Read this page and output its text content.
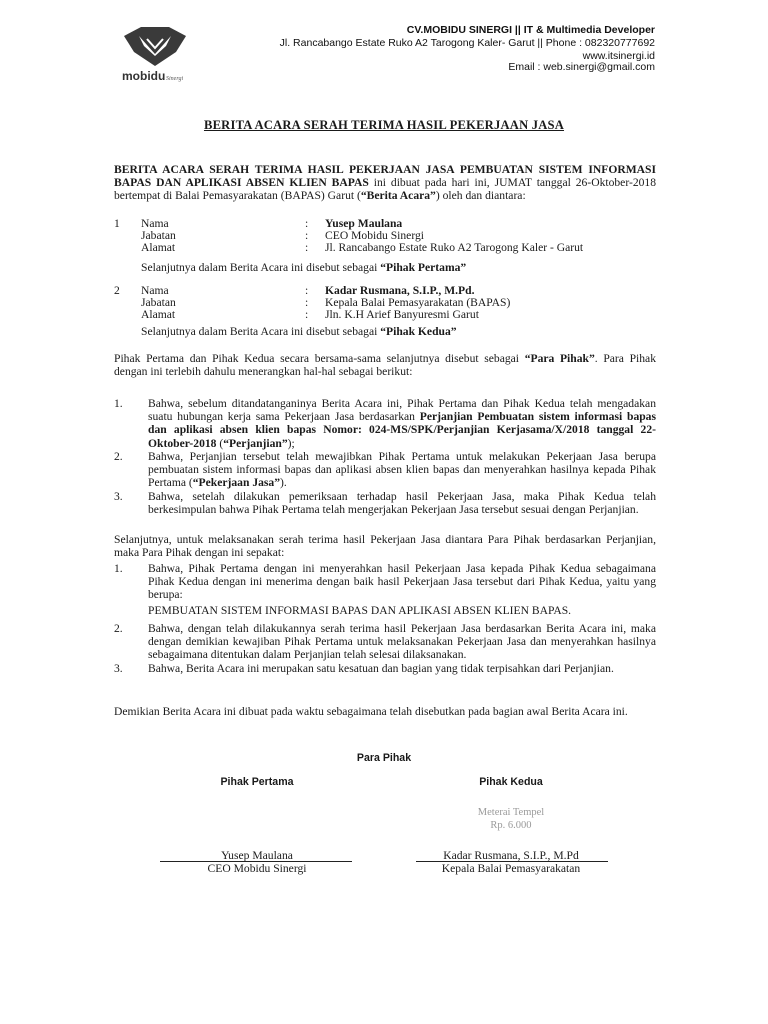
mobidu Sinergi
CV.MOBIDU SINERGI || IT & Multimedia Developer
Jl. Rancabango Estate Ruko A2 Tarogong Kaler- Garut || Phone : 082320777692
www.itsinergi.id
Email : web.sinergi@gmail.com
BERITA ACARA SERAH TERIMA HASIL PEKERJAAN JASA
BERITA ACARA SERAH TERIMA HASIL PEKERJAAN JASA PEMBUATAN SISTEM INFORMASI BAPAS DAN APLIKASI ABSEN KLIEN BAPAS ini dibuat pada hari ini, JUMAT tanggal 26-Oktober-2018 bertempat di Balai Pemasyarakatan (BAPAS) Garut (“Berita Acara”) oleh dan diantara:
1 Nama
Jabatan
Alamat
:
:
:
Yusep Maulana
CEO Mobidu Sinergi
Jl. Rancabango Estate Ruko A2 Tarogong Kaler - Garut
Selanjutnya dalam Berita Acara ini disebut sebagai “Pihak Pertama”
2 Nama
Jabatan
Alamat
:
:
:
Kadar Rusmana, S.I.P., M.Pd.
Kepala Balai Pemasyarakatan (BAPAS)
Jln. K.H Arief Banyuresmi Garut
Selanjutnya dalam Berita Acara ini disebut sebagai “Pihak Kedua”
Pihak Pertama dan Pihak Kedua secara bersama-sama selanjutnya disebut sebagai “Para Pihak”. Para Pihak dengan ini terlebih dahulu menerangkan hal-hal sebagai berikut:
1. Bahwa, sebelum ditandatanganinya Berita Acara ini, Pihak Pertama dan Pihak Kedua telah mengadakan suatu hubungan kerja sama Pekerjaan Jasa berdasarkan Perjanjian Pembuatan sistem informasi bapas dan aplikasi absen klien bapas Nomor: 024-MS/SPK/Perjanjian Kerjasama/X/2018 tanggal 22-Oktober-2018 (“Perjanjian”);
2. Bahwa, Perjanjian tersebut telah mewajibkan Pihak Pertama untuk melakukan Pekerjaan Jasa berupa pembuatan sistem informasi bapas dan aplikasi absen klien bapas dan menyerahkan hasilnya kepada Pihak Pertama (“Pekerjaan Jasa”).
3. Bahwa, setelah dilakukan pemeriksaan terhadap hasil Pekerjaan Jasa, maka Pihak Kedua telah berkesimpulan bahwa Pihak Pertama telah mengerjakan Pekerjaan Jasa tersebut sesuai dengan Perjanjian.
Selanjutnya, untuk melaksanakan serah terima hasil Pekerjaan Jasa diantara Para Pihak berdasarkan Perjanjian, maka Para Pihak dengan ini sepakat:
1. Bahwa, Pihak Pertama dengan ini menyerahkan hasil Pekerjaan Jasa kepada Pihak Kedua sebagaimana Pihak Kedua dengan ini menerima dengan baik hasil Pekerjaan Jasa tersebut dari Pihak Kedua, yaitu yang berupa:
PEMBUATAN SISTEM INFORMASI BAPAS DAN APLIKASI ABSEN KLIEN BAPAS.
2. Bahwa, dengan telah dilakukannya serah terima hasil Pekerjaan Jasa berdasarkan Berita Acara ini, maka dengan demikian kewajiban Pihak Pertama untuk melaksanakan Pekerjaan Jasa dan menyerahkan hasilnya sebagaimana ditentukan dalam Perjanjian telah selesai dilaksanakan.
3. Bahwa, Berita Acara ini merupakan satu kesatuan dan bagian yang tidak terpisahkan dari Perjanjian.
Demikian Berita Acara ini dibuat pada waktu sebagaimana telah disebutkan pada bagian awal Berita Acara ini.
Para Pihak
Pihak Pertama	Pihak Kedua
Meterai Tempel
Rp. 6.000
Yusep Maulana
CEO Mobidu Sinergi
Kadar Rusmana, S.I.P., M.Pd
Kepala Balai Pemasyarakatan
